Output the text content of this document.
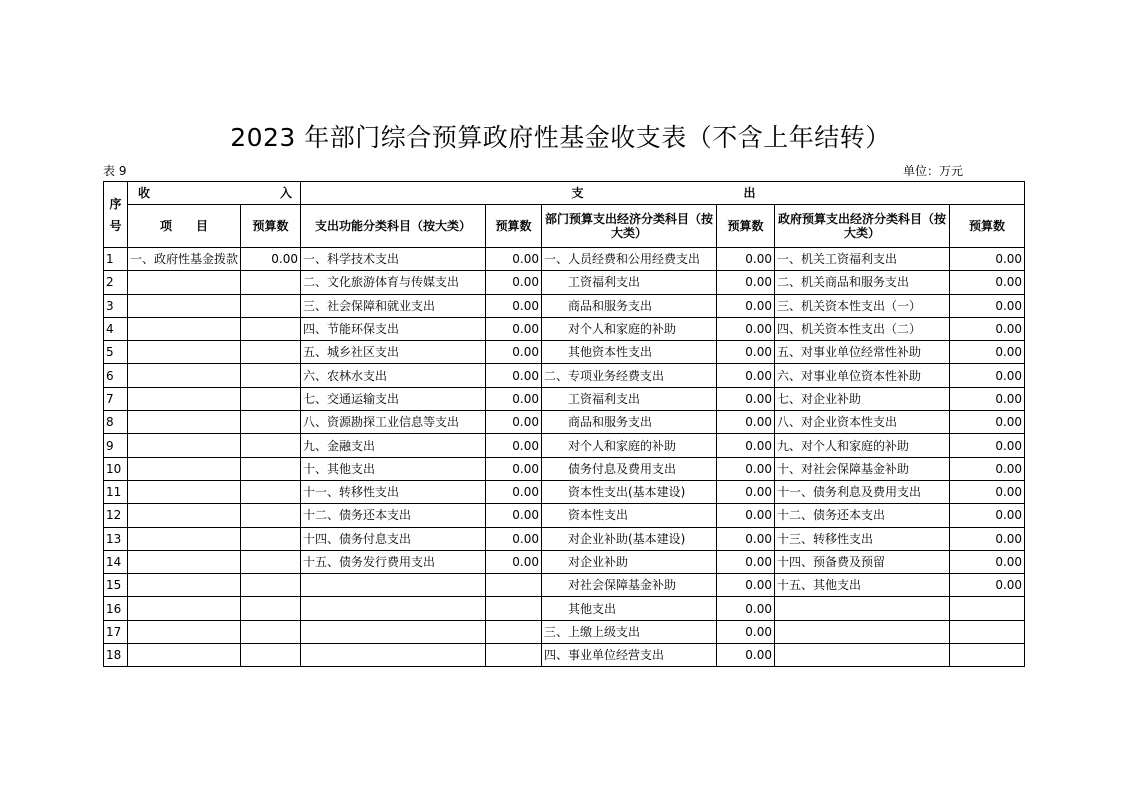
2023 年部门综合预算政府性基金收支表（不含上年结转）
表 9	单位：万元
序号	收 入		支 出					

	项　　目	预算数	支出功能分类科目（按大类）	预算数	部门预算支出经济分类科目（按大类）	预算数	政府预算支出经济分类科目（按大类）	预算数
1	一、政府性基金拨款	0.00	一、科学技术支出	0.00	一、人员经费和公用经费支出	0.00	一、机关工资福利支出	0.00
2			二、文化旅游体育与传媒支出	0.00	工资福利支出	0.00	二、机关商品和服务支出	0.00
3			三、社会保障和就业支出	0.00	商品和服务支出	0.00	三、机关资本性支出（一）	0.00
4			四、节能环保支出	0.00	对个人和家庭的补助	0.00	四、机关资本性支出（二）	0.00
5			五、城乡社区支出	0.00	其他资本性支出	0.00	五、对事业单位经常性补助	0.00
6			六、农林水支出	0.00	二、专项业务经费支出	0.00	六、对事业单位资本性补助	0.00
7			七、交通运输支出	0.00	工资福利支出	0.00	七、对企业补助	0.00
8			八、资源勘探工业信息等支出	0.00	商品和服务支出	0.00	八、对企业资本性支出	0.00
9			九、金融支出	0.00	对个人和家庭的补助	0.00	九、对个人和家庭的补助	0.00
10			十、其他支出	0.00	债务付息及费用支出	0.00	十、对社会保障基金补助	0.00
11			十一、转移性支出	0.00	资本性支出(基本建设)	0.00	十一、债务利息及费用支出	0.00
12			十二、债务还本支出	0.00	资本性支出	0.00	十二、债务还本支出	0.00
13			十四、债务付息支出	0.00	对企业补助(基本建设)	0.00	十三、转移性支出	0.00
14			十五、债务发行费用支出	0.00	对企业补助	0.00	十四、预备费及预留	0.00
15					对社会保障基金补助	0.00	十五、其他支出	0.00
16					其他支出	0.00		
17					三、上缴上级支出	0.00		
18					四、事业单位经营支出	0.00		
